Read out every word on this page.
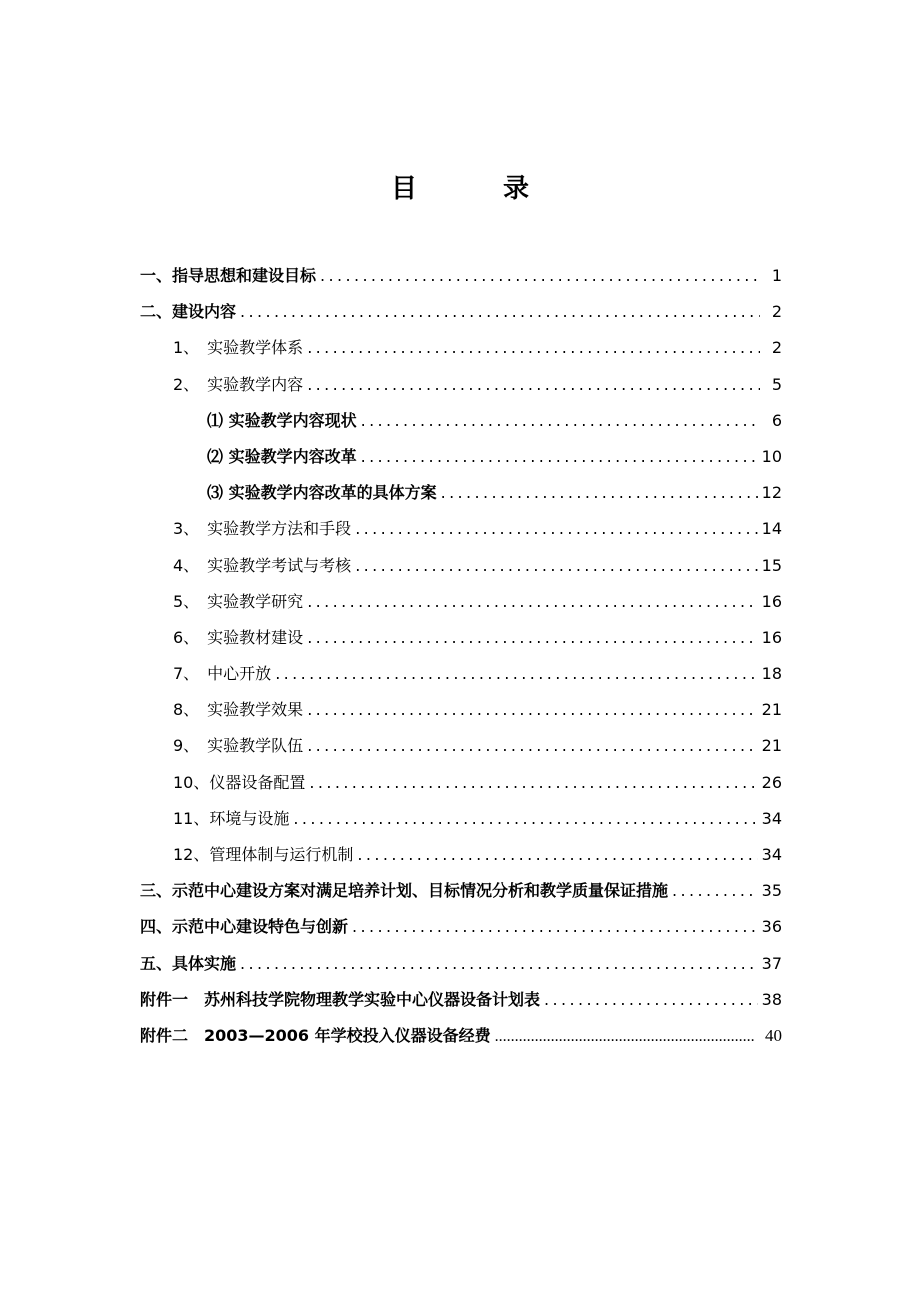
目　录
一、指导思想和建设目标 .....	1
二、建设内容 .....	2
1、　实验教学体系 .....	2
2、　实验教学内容 .....	5
⑴ 实验教学内容现状 .....	6
⑵ 实验教学内容改革 .....	10
⑶ 实验教学内容改革的具体方案 .....	12
3、　实验教学方法和手段 .....	14
4、　实验教学考试与考核 .....	15
5、　实验教学研究 .....	16
6、　实验教材建设 .....	16
7、　中心开放 .....	18
8、　实验教学效果 .....	21
9、　实验教学队伍 .....	21
10、仪器设备配置 .....	26
11、环境与设施 .....	34
12、管理体制与运行机制 .....	34
三、示范中心建设方案对满足培养计划、目标情况分析和教学质量保证措施 .....	35
四、示范中心建设特色与创新 .....	36
五、具体实施 .....	37
附件一　苏州科技学院物理教学实验中心仪器设备计划表 .....	38
附件二　2003—2006 年学校投入仪器设备经费 .....	40
